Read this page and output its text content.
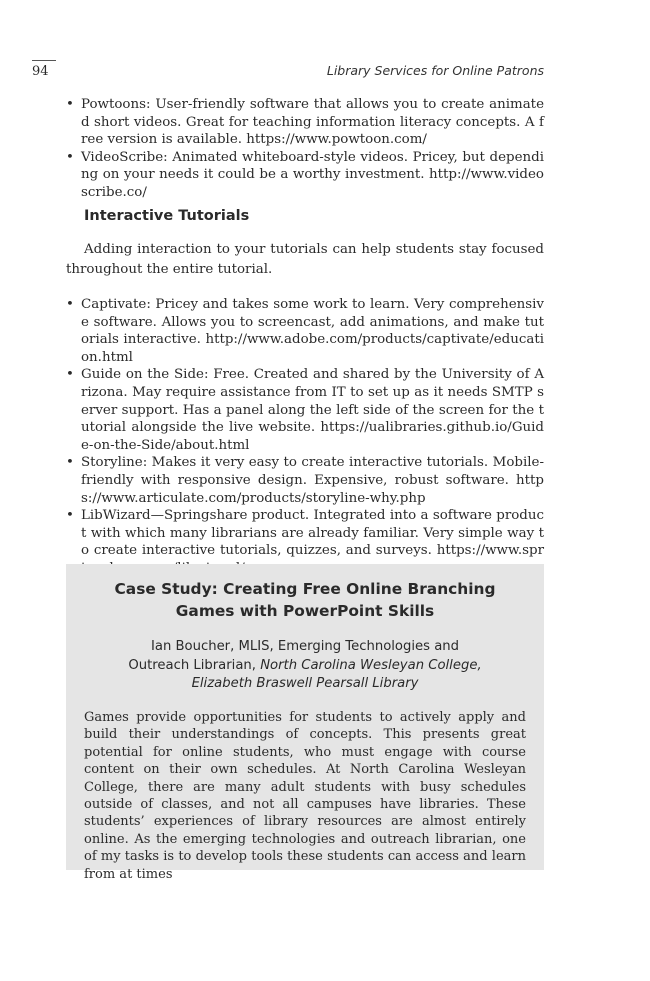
94	Library Services for Online Patrons
• Powtoons: User-friendly software that allows you to create animated short videos. Great for teaching information literacy concepts. A free version is available. https://www.powtoon.com/
• VideoScribe: Animated whiteboard-style videos. Pricey, but depending on your needs it could be a worthy investment. http://www.videoscribe.co/
Interactive Tutorials

Adding interaction to your tutorials can help students stay focused throughout the entire tutorial.

• Captivate: Pricey and takes some work to learn. Very comprehensive software. Allows you to screencast, add animations, and make tutorials interactive. http://www.adobe.com/products/captivate/education.html
• Guide on the Side: Free. Created and shared by the University of Arizona. May require assistance from IT to set up as it needs SMTP server support. Has a panel along the left side of the screen for the tutorial alongside the live website. https://ualibraries.github.io/Guide-on-the-Side/about.html
• Storyline: Makes it very easy to create interactive tutorials. Mobile-friendly with responsive design. Expensive, robust software. https://www.articulate.com/products/storyline-why.php
• LibWizard—Springshare product. Integrated into a software product with which many librarians are already familiar. Very simple way to create interactive tutorials, quizzes, and surveys. https://www.spr
Case Study: Creating Free Online Branching
Games with PowerPoint Skills
Ian Boucher, MLIS, Emerging Technologies and
Outreach Librarian, North Carolina Wesleyan College,
Elizabeth Braswell Pearsall Library

Games provide opportunities for students to actively apply and build their understandings of concepts. This presents great potential for online students, who must engage with course content on their own schedules. At North Carolina Wesleyan College, there are many adult students with busy schedules outside of classes, and not all campuses have libraries. These students’ experiences of library resources are almost entirely online. As the emerging technologies and outreach librarian, one of my tasks is to develop tools these students can access and learn from at times
